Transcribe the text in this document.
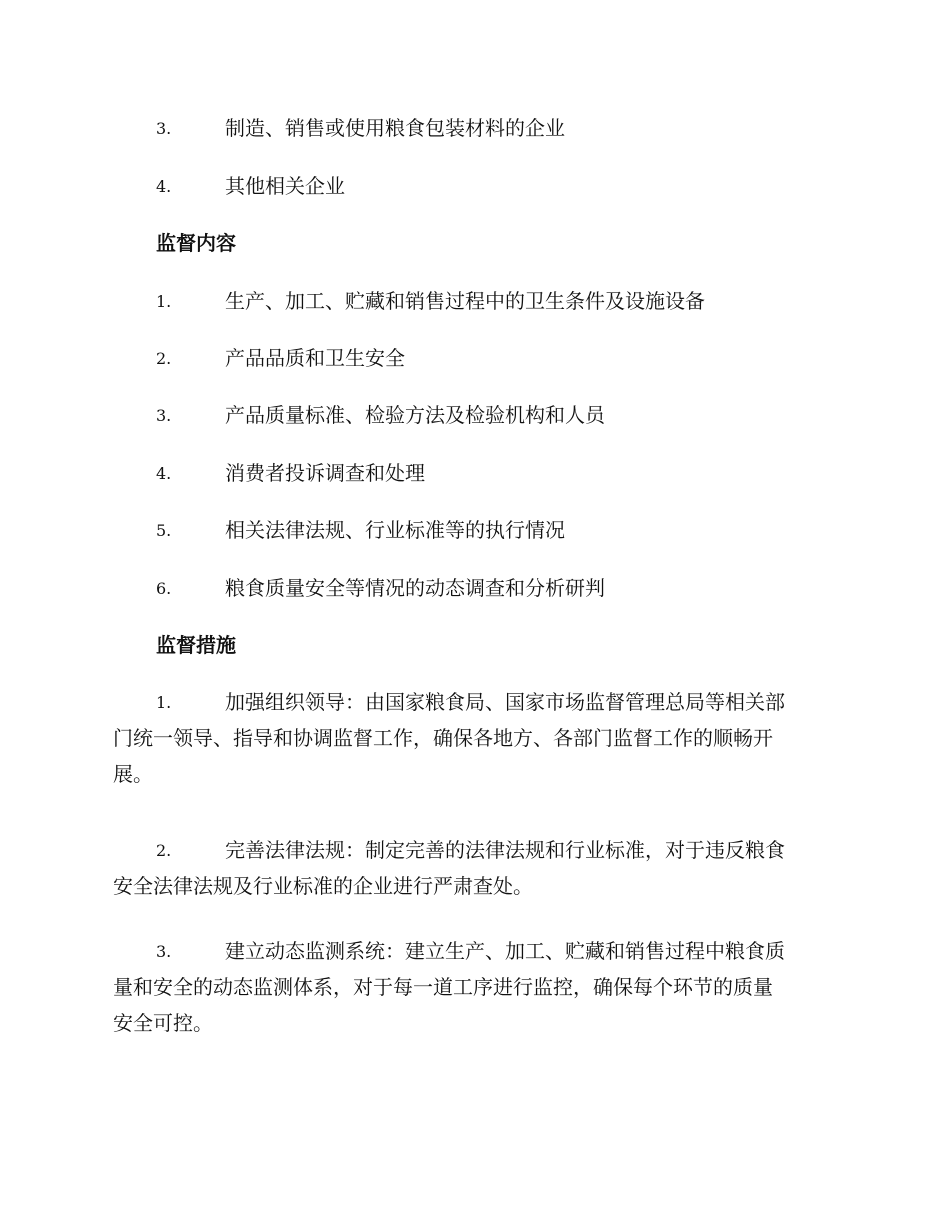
3.	制造、销售或使用粮食包装材料的企业
4.	其他相关企业
监督内容
1.	生产、加工、贮藏和销售过程中的卫生条件及设施设备
2.	产品品质和卫生安全
3.	产品质量标准、检验方法及检验机构和人员
4.	消费者投诉调查和处理
5.	相关法律法规、行业标准等的执行情况
6.	粮食质量安全等情况的动态调查和分析研判
监督措施
1.	加强组织领导：由国家粮食局、国家市场监督管理总局等相关部
门统一领导、指导和协调监督工作，确保各地方、各部门监督工作的顺畅开
展。
2.	完善法律法规：制定完善的法律法规和行业标准，对于违反粮食
安全法律法规及行业标准的企业进行严肃查处。
3.	建立动态监测系统：建立生产、加工、贮藏和销售过程中粮食质
量和安全的动态监测体系，对于每一道工序进行监控，确保每个环节的质量
安全可控。
